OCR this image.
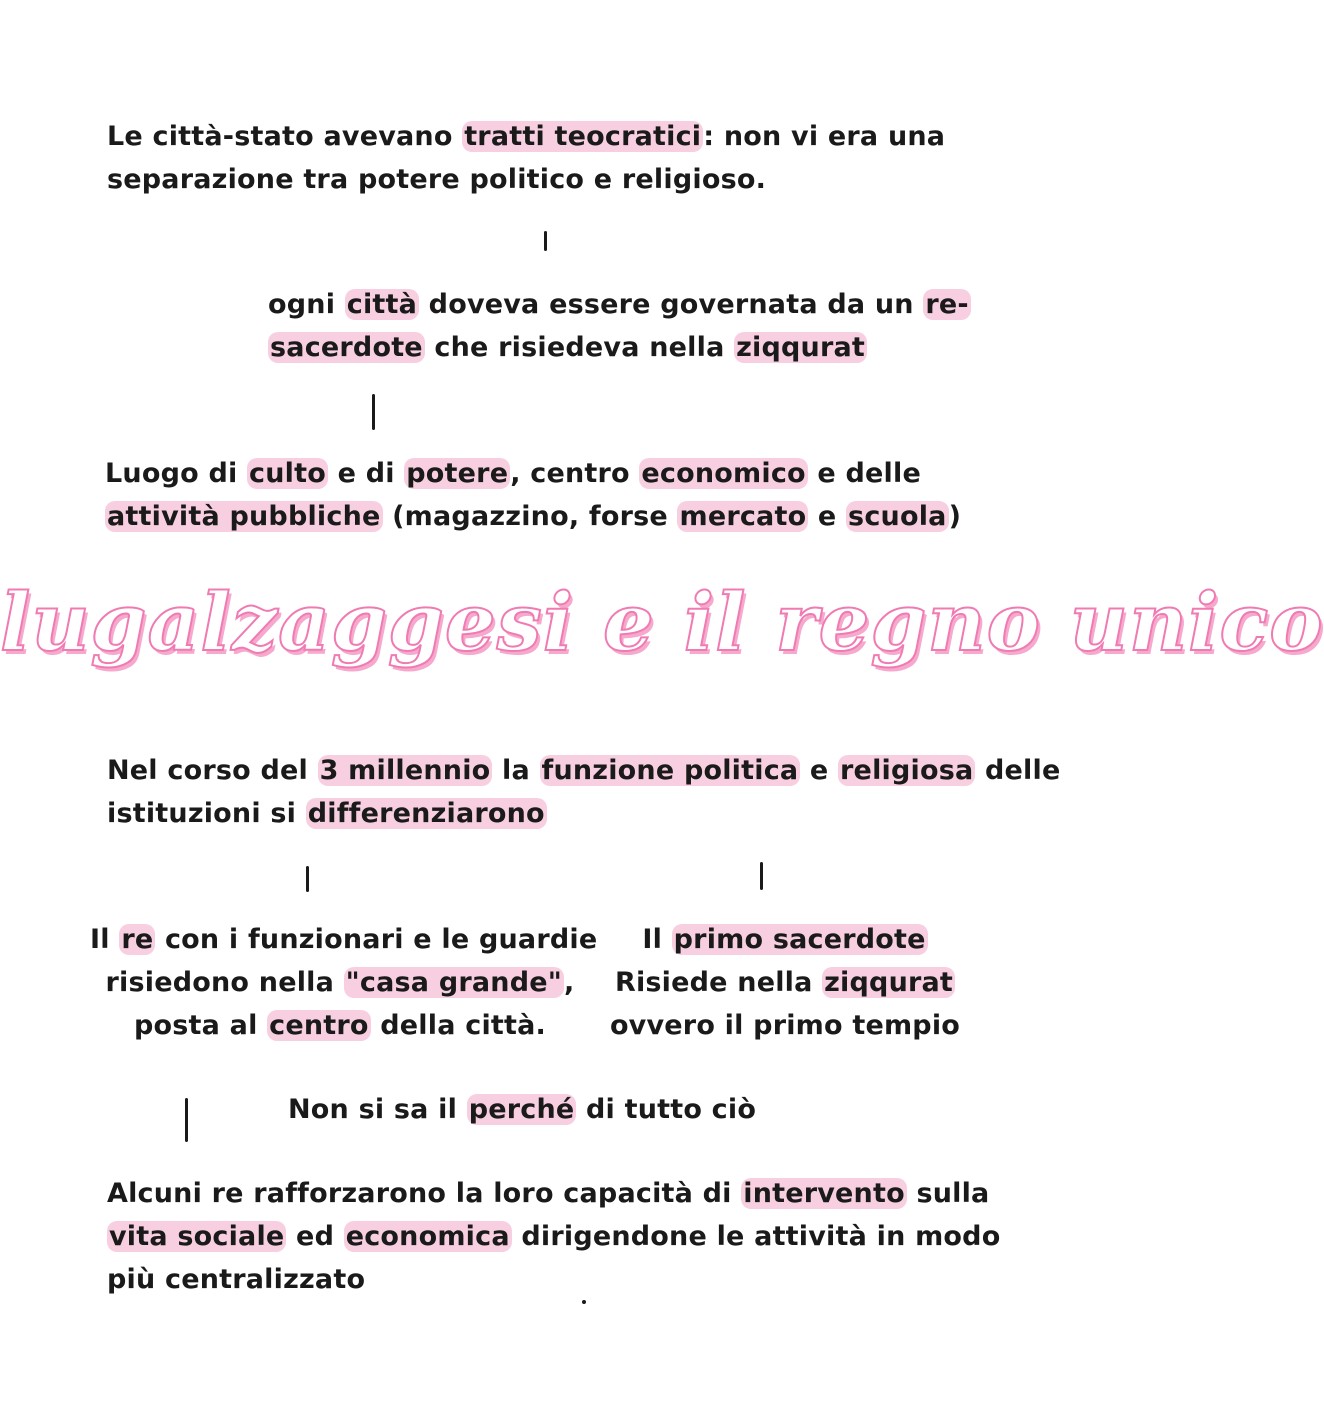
Le città-stato avevano tratti teocratici: non vi era una
separazione tra potere politico e religioso.
ogni città doveva essere governata da un re-
sacerdote che risiedeva nella ziqqurat
Luogo di culto e di potere, centro economico e delle
attività pubbliche (magazzino, forse mercato e scuola)
lugalzaggesi e il regno unico
Nel corso del 3 millennio la funzione politica e religiosa delle
istituzioni si differenziarono
Il re con i funzionari e le guardie
risiedono nella "casa grande",
posta al centro della città.
Il primo sacerdote
Risiede nella ziqqurat
ovvero il primo tempio
Non si sa il perché di tutto ciò
Alcuni re rafforzarono la loro capacità di intervento sulla
vita sociale ed economica dirigendone le attività in modo
più centralizzato
